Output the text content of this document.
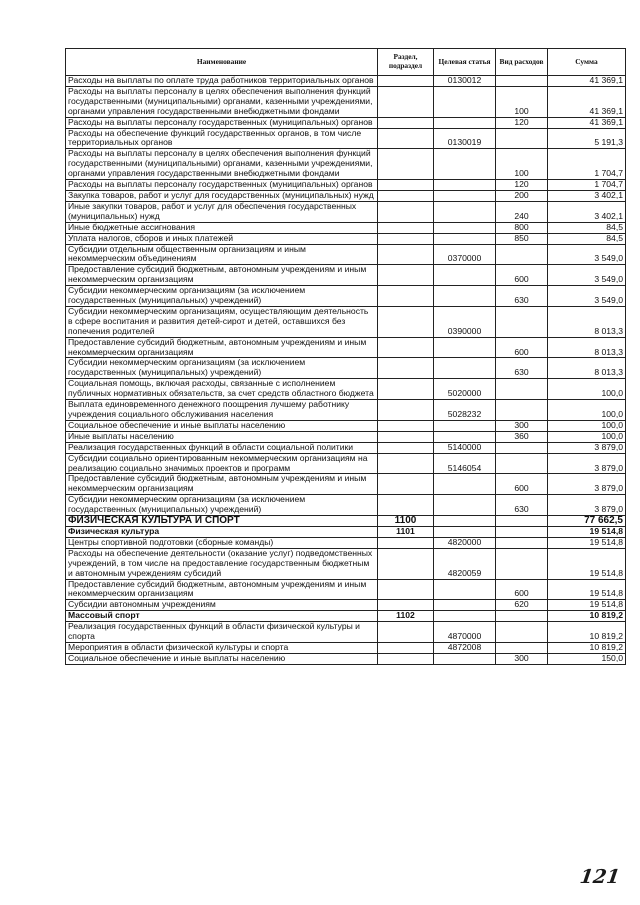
Наименование	Раздел, подраздел	Целевая статья	Вид расходов	Сумма
Расходы на выплаты по оплате труда работников территориальных органов		0130012		41 369,1
Расходы на выплаты персоналу в целях обеспечения выполнения функций государственными (муниципальными) органами, казенными учреждениями, органами управления государственными внебюджетными фондами			100	41 369,1
Расходы на выплаты персоналу государственных (муниципальных) органов			120	41 369,1
Расходы на обеспечение функций государственных органов, в том числе территориальных органов		0130019		5 191,3
Расходы на выплаты персоналу в целях обеспечения выполнения функций государственными (муниципальными) органами, казенными учреждениями, органами управления государственными внебюджетными фондами			100	1 704,7
Расходы на выплаты персоналу государственных (муниципальных) органов			120	1 704,7
Закупка товаров, работ и услуг для государственных (муниципальных) нужд			200	3 402,1
Иные закупки товаров, работ и услуг для обеспечения государственных (муниципальных) нужд			240	3 402,1
Иные бюджетные ассигнования			800	84,5
Уплата налогов, сборов и иных платежей			850	84,5
Субсидии отдельным общественным организациям и иным некоммерческим объединениям		0370000		3 549,0
Предоставление субсидий бюджетным, автономным учреждениям и иным некоммерческим организациям			600	3 549,0
Субсидии некоммерческим организациям (за исключением государственных (муниципальных) учреждений)			630	3 549,0
Субсидии некоммерческим организациям, осуществляющим деятельность в сфере воспитания и развития детей-сирот и детей, оставшихся без попечения родителей		0390000		8 013,3
Предоставление субсидий бюджетным, автономным учреждениям и иным некоммерческим организациям			600	8 013,3
Субсидии некоммерческим организациям (за исключением государственных (муниципальных) учреждений)			630	8 013,3
Социальная помощь, включая расходы, связанные с исполнением публичных нормативных обязательств, за счет средств областного бюджета		5020000		100,0
Выплата единовременного денежного поощрения лучшему работнику учреждения социального обслуживания населения		5028232		100,0
Социальное обеспечение и иные выплаты населению			300	100,0
Иные выплаты населению			360	100,0
Реализация государственных функций в области социальной политики		5140000		3 879,0
Субсидии социально ориентированным некоммерческим организациям на реализацию социально значимых проектов и программ		5146054		3 879,0
Предоставление субсидий бюджетным, автономным учреждениям и иным некоммерческим организациям			600	3 879,0
Субсидии некоммерческим организациям (за исключением государственных (муниципальных) учреждений)			630	3 879,0
ФИЗИЧЕСКАЯ КУЛЬТУРА И СПОРТ	1100			77 662,5
Физическая культура	1101			19 514,8
Центры спортивной подготовки (сборные команды)		4820000		19 514,8
Расходы на обеспечение деятельности (оказание услуг) подведомственных учреждений, в том числе на предоставление государственным бюджетным и автономным учреждениям субсидий		4820059		19 514,8
Предоставление субсидий бюджетным, автономным учреждениям и иным некоммерческим организациям			600	19 514,8
Субсидии автономным учреждениям			620	19 514,8
Массовый спорт	1102			10 819,2
Реализация государственных функций в области физической культуры и спорта		4870000		10 819,2
Мероприятия в области физической культуры и спорта		4872008		10 819,2
Социальное обеспечение и иные выплаты населению			300	150,0
121
